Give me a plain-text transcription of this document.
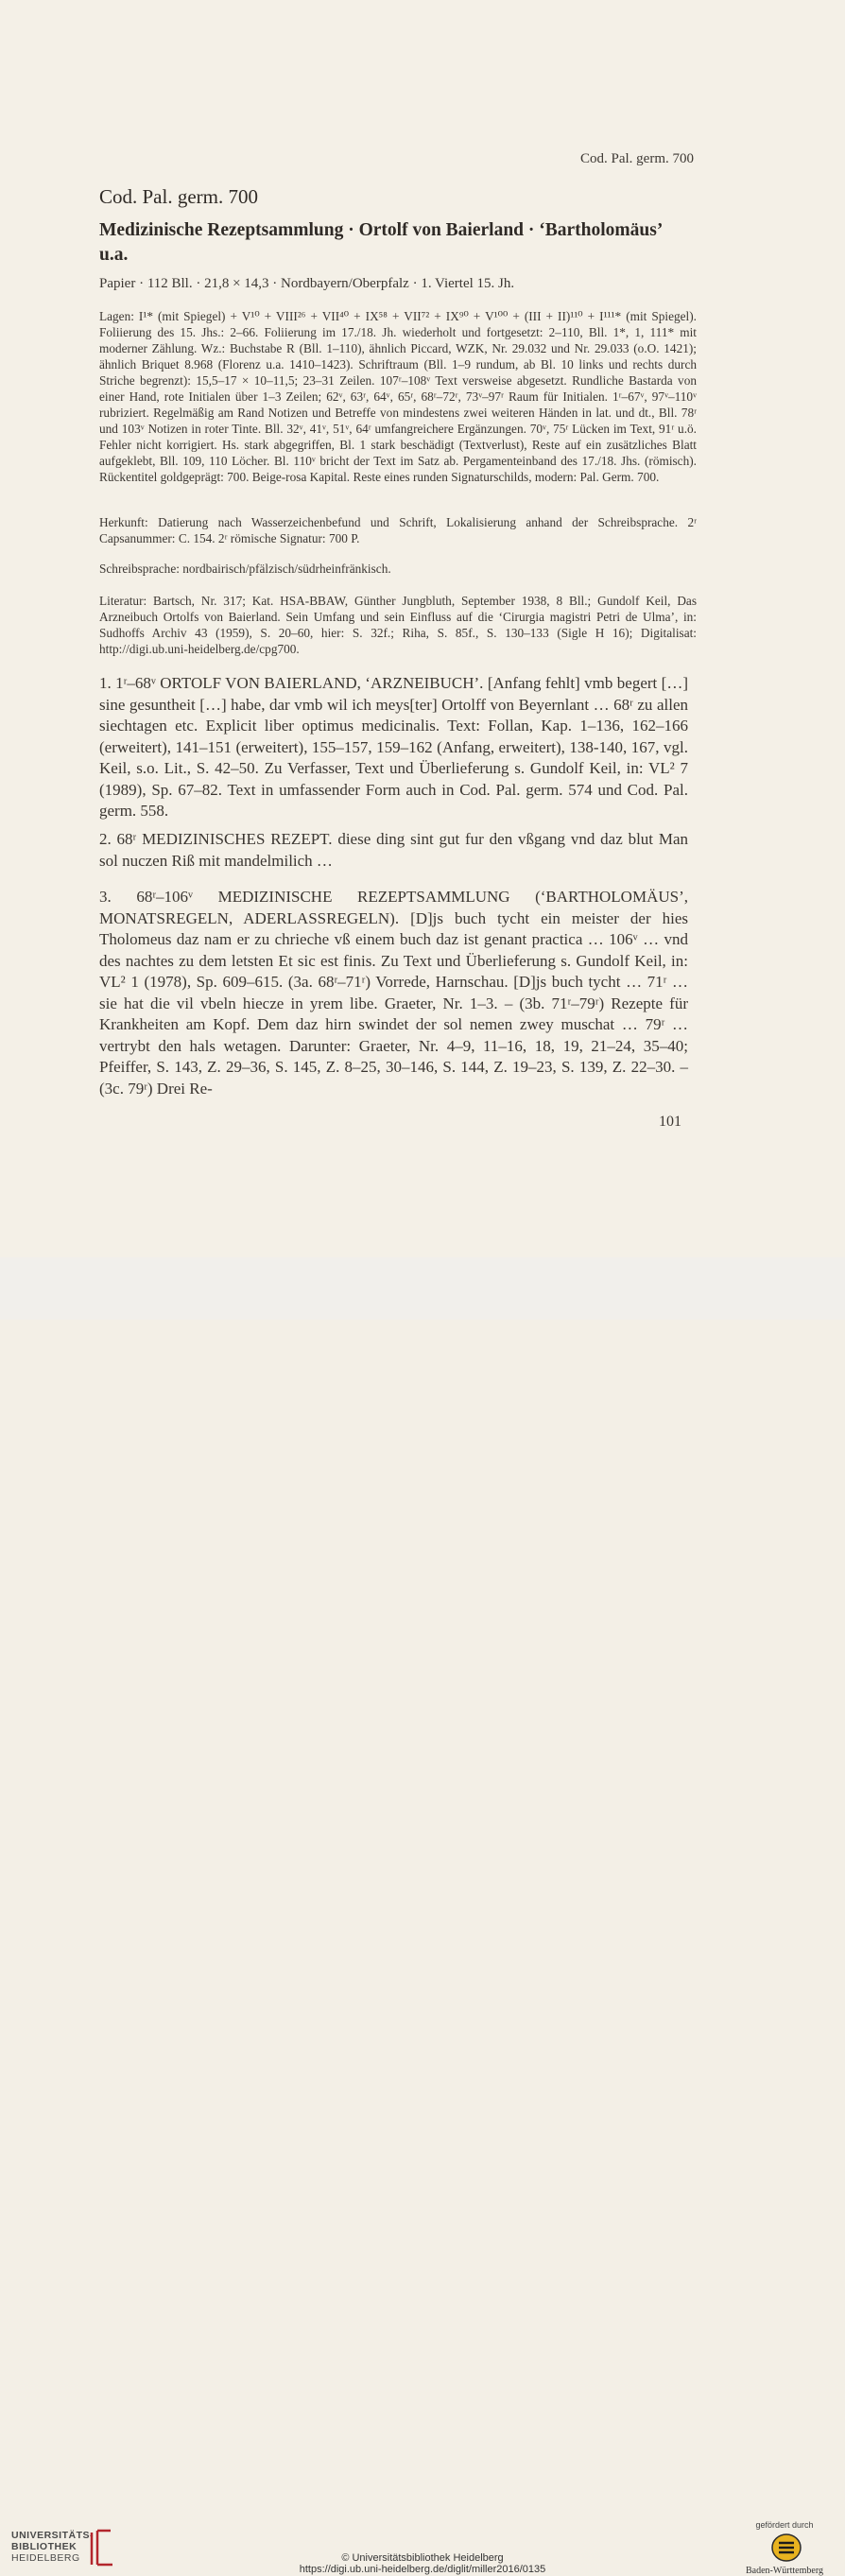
Cod. Pal. germ. 700
Cod. Pal. germ. 700
Medizinische Rezeptsammlung · Ortolf von Baierland · ‘Bartholomäus’ u.a.
Papier · 112 Bll. · 21,8 × 14,3 · Nordbayern/Oberpfalz · 1. Viertel 15. Jh.
Lagen: I¹* (mit Spiegel) + V¹⁰ + VIII²⁶ + VII⁴⁰ + IX⁵⁸ + VII⁷² + IX⁹⁰ + V¹⁰⁰ + (III + II)¹¹⁰ + I¹¹¹* (mit Spiegel). Foliierung des 15. Jhs.: 2–66. Foliierung im 17./18. Jh. wiederholt und fortgesetzt: 2–110, Bll. 1*, 1, 111* mit moderner Zählung. Wz.: Buchstabe R (Bll. 1–110), ähnlich Piccard, WZK, Nr. 29.032 und Nr. 29.033 (o.O. 1421); ähnlich Briquet 8.968 (Florenz u.a. 1410–1423). Schriftraum (Bll. 1–9 rundum, ab Bl. 10 links und rechts durch Striche begrenzt): 15,5–17 × 10–11,5; 23–31 Zeilen. 107ʳ–108ᵛ Text versweise abgesetzt. Rundliche Bastarda von einer Hand, rote Initialen über 1–3 Zeilen; 62ᵛ, 63ʳ, 64ᵛ, 65ʳ, 68ʳ–72ʳ, 73ᵛ–97ʳ Raum für Initialen. 1ʳ–67ᵛ, 97ᵛ–110ᵛ rubriziert. Regelmäßig am Rand Notizen und Betreffe von mindestens zwei weiteren Händen in lat. und dt., Bll. 78ʳ und 103ᵛ Notizen in roter Tinte. Bll. 32ᵛ, 41ᵛ, 51ᵛ, 64ʳ umfangreichere Ergänzungen. 70ᵛ, 75ʳ Lücken im Text, 91ʳ u.ö. Fehler nicht korrigiert. Hs. stark abgegriffen, Bl. 1 stark beschädigt (Textverlust), Reste auf ein zusätzliches Blatt aufgeklebt, Bll. 109, 110 Löcher. Bl. 110ᵛ bricht der Text im Satz ab. Pergamenteinband des 17./18. Jhs. (römisch). Rückentitel goldgeprägt: 700. Beige-rosa Kapital. Reste eines runden Signaturschilds, modern: Pal. Germ. 700.
Herkunft: Datierung nach Wasserzeichenbefund und Schrift, Lokalisierung anhand der Schreibsprache. 2ʳ Capsanummer: C. 154. 2ʳ römische Signatur: 700 P.
Schreibsprache: nordbairisch/pfälzisch/südrheinfränkisch.
Literatur: Bartsch, Nr. 317; Kat. HSA-BBAW, Günther Jungbluth, September 1938, 8 Bll.; Gundolf Keil, Das Arzneibuch Ortolfs von Baierland. Sein Umfang und sein Einfluss auf die ‘Cirurgia magistri Petri de Ulma’, in: Sudhoffs Archiv 43 (1959), S. 20–60, hier: S. 32f.; Riha, S. 85f., S. 130–133 (Sigle H 16); Digitalisat: http://digi.ub.uni-heidelberg.de/cpg700.
1. 1ʳ–68ᵛ ORTOLF VON BAIERLAND, ‘ARZNEIBUCH’. [Anfang fehlt] vmb begert […] sine gesuntheit […] habe, dar vmb wil ich meys[ter] Ortolff von Beyernlant … 68ʳ zu allen siechtagen etc. Explicit liber optimus medicinalis. Text: Follan, Kap. 1–136, 162–166 (erweitert), 141–151 (erweitert), 155–157, 159–162 (Anfang, erweitert), 138-140, 167, vgl. Keil, s.o. Lit., S. 42–50. Zu Verfasser, Text und Überlieferung s. Gundolf Keil, in: VL² 7 (1989), Sp. 67–82. Text in umfassender Form auch in Cod. Pal. germ. 574 und Cod. Pal. germ. 558.
2. 68ʳ MEDIZINISCHES REZEPT. diese ding sint gut fur den vßgang vnd daz blut Man sol nuczen Riß mit mandelmilich …
3. 68ʳ–106ᵛ MEDIZINISCHE REZEPTSAMMLUNG (‘BARTHOLOMÄUS’, MONATSREGELN, ADERLASSREGELN). [D]js buch tycht ein meister der hies Tholomeus daz nam er zu chrieche vß einem buch daz ist genant practica … 106ᵛ … vnd des nachtes zu dem letsten Et sic est finis. Zu Text und Überlieferung s. Gundolf Keil, in: VL² 1 (1978), Sp. 609–615. (3a. 68ʳ–71ʳ) Vorrede, Harnschau. [D]js buch tycht … 71ʳ … sie hat die vil vbeln hiecze in yrem libe. Graeter, Nr. 1–3. – (3b. 71ʳ–79ʳ) Rezepte für Krankheiten am Kopf. Dem daz hirn swindet der sol nemen zwey muschat … 79ʳ … vertrybt den hals wetagen. Darunter: Graeter, Nr. 4–9, 11–16, 18, 19, 21–24, 35–40; Pfeiffer, S. 143, Z. 29–36, S. 145, Z. 8–25, 30–146, S. 144, Z. 19–23, S. 139, Z. 22–30. – (3c. 79ʳ) Drei Re-
101
UNIVERSITÄTS-
BIBLIOTHEK
HEIDELBERG	© Universitätsbibliothek Heidelberg
https://digi.ub.uni-heidelberg.de/diglit/miller2016/0135
gefördert durch
Baden-Württemberg
